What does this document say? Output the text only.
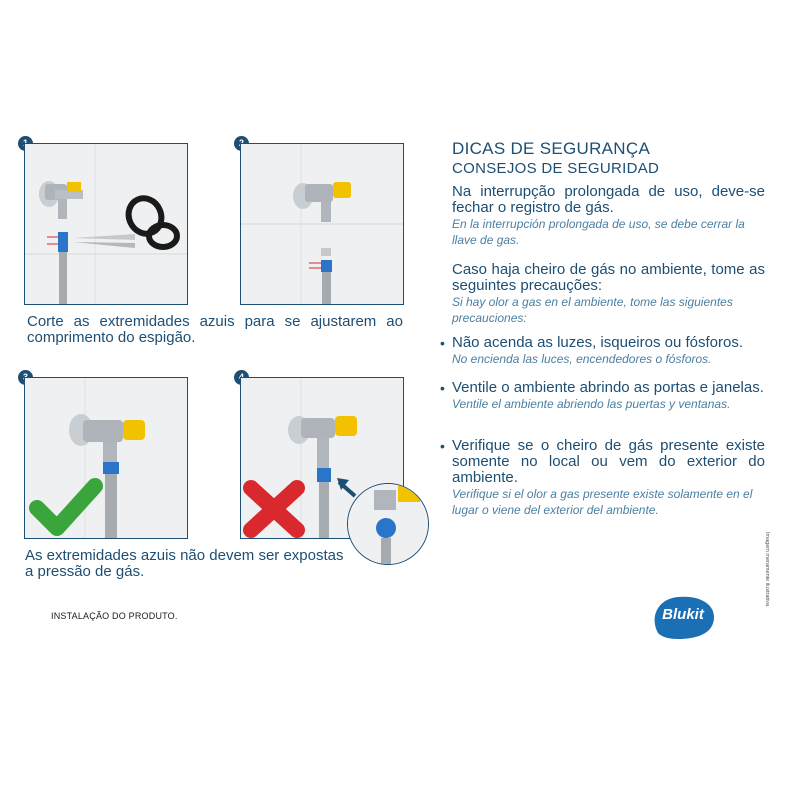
Corte as extremidades azuis para se ajustarem ao comprimento do espigão.
As extremidades azuis não devem ser expostas a pressão de gás.
DICAS DE SEGURANÇA
CONSEJOS DE SEGURIDAD
Na interrupção prolongada de uso, deve-se fechar o registro de gás.
En la interrupción prolongada de uso, se debe cerrar la llave de gas.
Caso haja cheiro de gás no ambiente, tome as seguintes precauções:
Si hay olor a gas en el ambiente, tome las siguientes precauciones:
• Não acenda as luzes, isqueiros ou fósforos.
No encienda las luces, encendedores o fósforos.
• Ventile o ambiente abrindo as portas e janelas.
Ventile el ambiente abriendo las puertas y ventanas.
• Verifique se o cheiro de gás presente existe somente no local ou vem do exterior do ambiente.
Verifique si el olor a gas presente existe solamente en el lugar o viene del exterior del ambiente.
INSTALAÇÃO DO PRODUTO.	Blukit
Imagem meramente ilustrativa.
